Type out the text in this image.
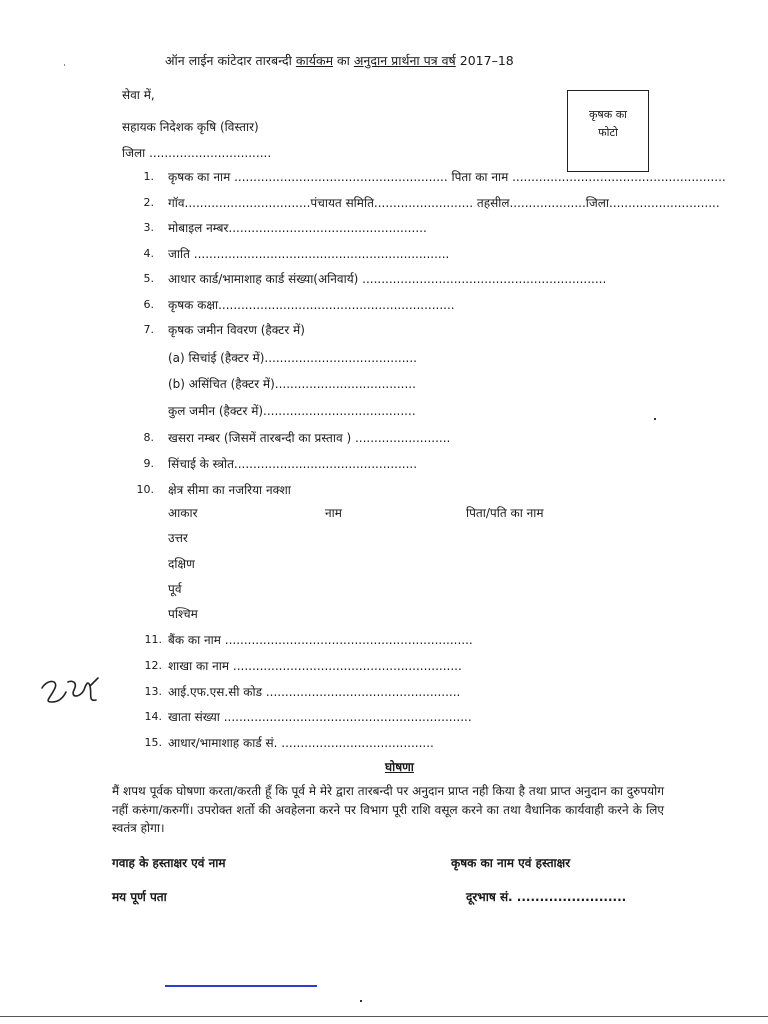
ऑन लाईन कांटेदार तारबन्दी कार्यकम का अनुदान प्रार्थना पत्र वर्ष 2017–18
˙
सेवा में,
सहायक निदेशक कृषि (विस्तार)
जिला ................................
कृषक का
फोटो
1. कृषक का नाम ........................................................ पिता का नाम ........................................................
2. गॉव.................................पंचायत समिति.......................... तहसील....................जिला.............................
3. मोबाइल नम्बर....................................................
4. जाति ...................................................................
5. आधार कार्ड/भामाशाह कार्ड संख्या(अनिवार्य) ................................................................
6. कृषक कक्षा..............................................................
7. कृषक जमीन विवरण (हैक्टर में)
(a) सिचांई (हैक्टर में)........................................
(b) असिंचित (हैक्टर में).....................................
कुल जमीन (हैक्टर में)........................................
8. खसरा नम्बर (जिसमें तारबन्दी का प्रस्ताव ) .........................
9. सिंचाई के स्त्रोत................................................
10. क्षेत्र सीमा का नजरिया नक्शा
आकार	नाम	पिता/पति का नाम
उत्तर
दक्षिण
पूर्व
पश्चिम
11. बैंक का नाम .................................................................
12. शाखा का नाम ............................................................
13. आई.एफ.एस.सी कोड ...................................................
14. खाता संख्या .................................................................
15. आधार/भामाशाह कार्ड सं. ........................................
घोषणा
मैं शपथ पूर्वक घोषणा करता/करती हूँ कि पूर्व मे मेरे द्वारा तारबन्दी पर अनुदान प्राप्त नही किया है तथा प्राप्त अनुदान का दुरुपयोग नहीं करुंगा/करुगीं। उपरोक्त शर्तो की अवहेलना करने पर विभाग पूरी राशि वसूल करने का तथा वैधानिक कार्यवाही करने के लिए स्वतंत्र होगा।
गवाह के हस्ताक्षर एवं नाम	कृषक का नाम एवं हस्ताक्षर
मय पूर्ण पता	दूरभाष सं. ........................
